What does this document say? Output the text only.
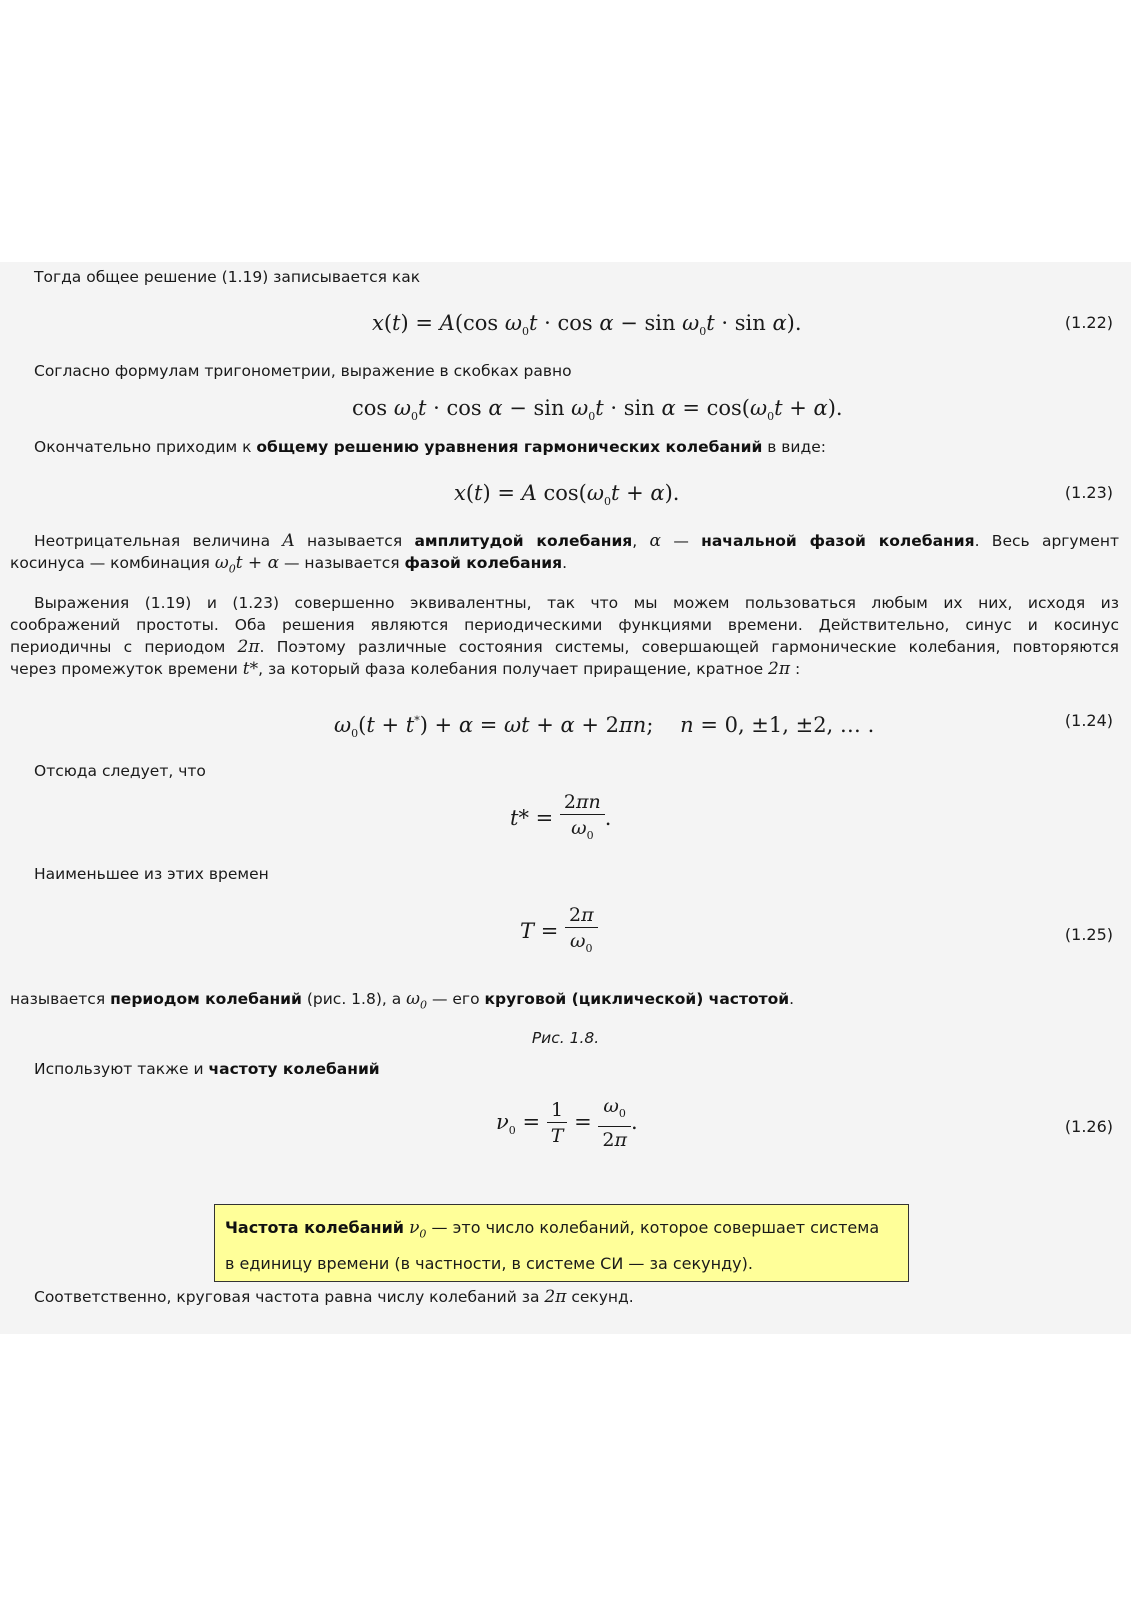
Тогда общее решение (1.19) записывается как
x(t) = A(cos $\omega_0t \cdot \cos \alpha - \sin \omega_0t \cdot \sin \alpha$).	(1.22)
Согласно формулам тригонометрии, выражение в скобках равно
$\cos \omega_0t \cdot \cos \alpha - \sin \omega_0t \cdot \sin \alpha = \cos(\omega_0t + \alpha)$.
Окончательно приходим к общему решению уравнения гармонических колебаний в виде:
x(t) = A $\cos(\omega_0t + \alpha)$.	(1.23)
Неотрицательная величина A называется амплитудой колебания, α — начальной фазой колебания. Весь аргумент
косинуса — комбинация $\omega_0t + \alpha$ — называется фазой колебания.
Выражения (1.19) и (1.23) совершенно эквивалентны, так что мы можем пользоваться любым их них, исходя из
соображений простоты. Оба решения являются периодическими функциями времени. Действительно, синус и косинус
периодичны с периодом 2π. Поэтому различные состояния системы, совершающей гармонические колебания, повторяются
через промежуток времени t*, за который фаза колебания получает приращение, кратное 2π :
$\omega_0(t + t^*) + \alpha = \omega t + \alpha + 2\pi n$;    n = 0, ±1, ±2, … .	(1.24)
Отсюда следует, что
$t* = \frac{2\pi n}{\omega_0}$ .
Наименьшее из этих времен
$T = \frac{2\pi}{\omega_0}$	(1.25)
называется периодом колебаний (рис. 1.8), а $\omega_0$ — его круговой (циклической) частотой.
Рис. 1.8.
Используют также и частоту колебаний
$\nu_0 = \frac{1}{T} = \frac{\omega_0}{2\pi}$ .	(1.26)
Частота колебаний $\nu_0$ — это число колебаний, которое совершает система
в единицу времени (в частности, в системе СИ — за секунду).
Соответственно, круговая частота равна числу колебаний за 2π секунд.
